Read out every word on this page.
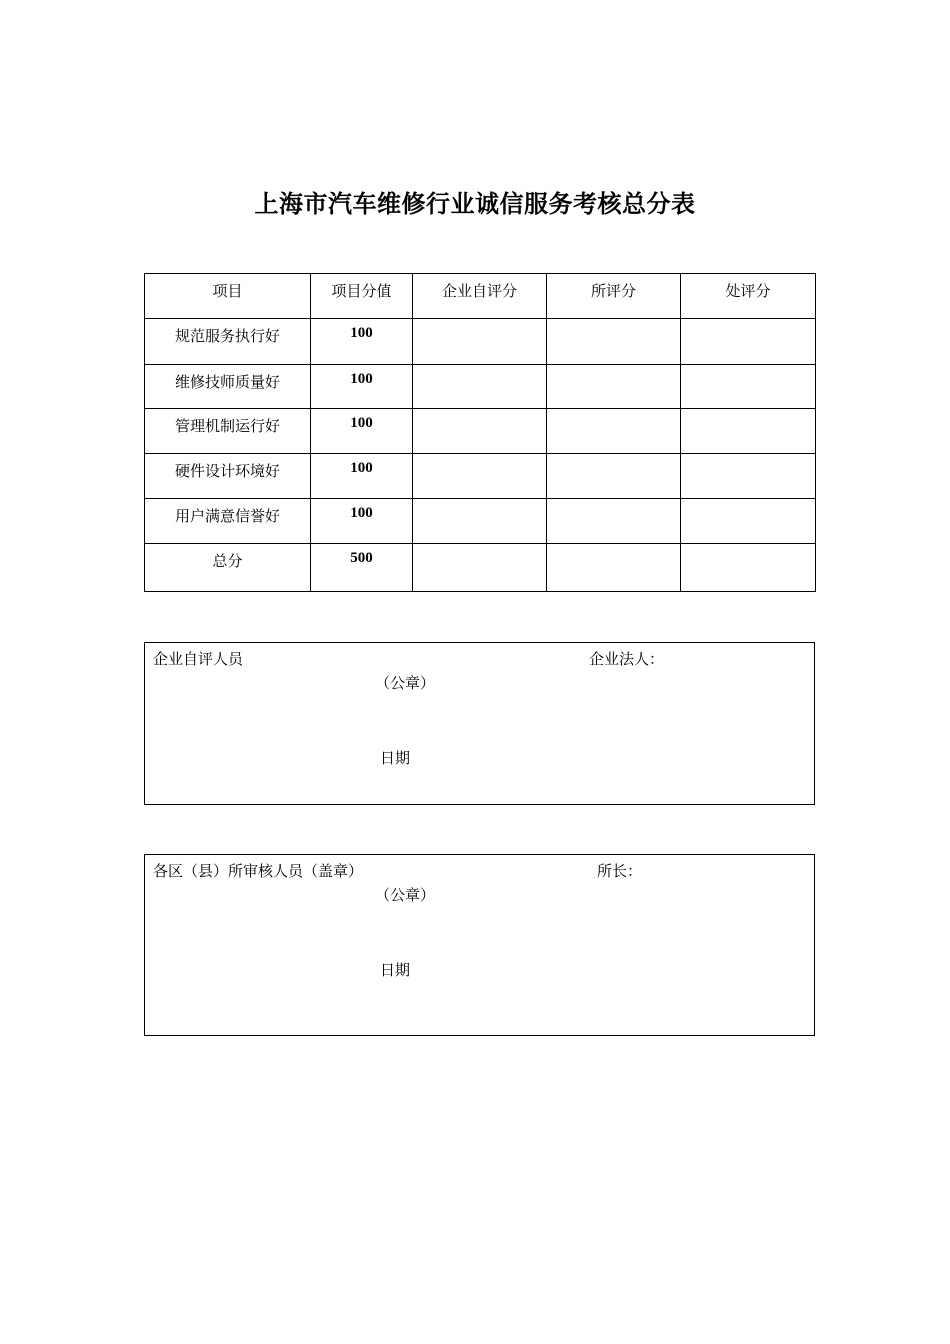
上海市汽车维修行业诚信服务考核总分表
项目	项目分值	企业自评分	所评分	处评分
规范服务执行好	100			
维修技师质量好	100			
管理机制运行好	100			
硬件设计环境好	100			
用户满意信誉好	100			
总分	500			
企业自评人员	企业法人：
（公章）
日期
各区（县）所审核人员（盖章）	所长：
（公章）
日期
